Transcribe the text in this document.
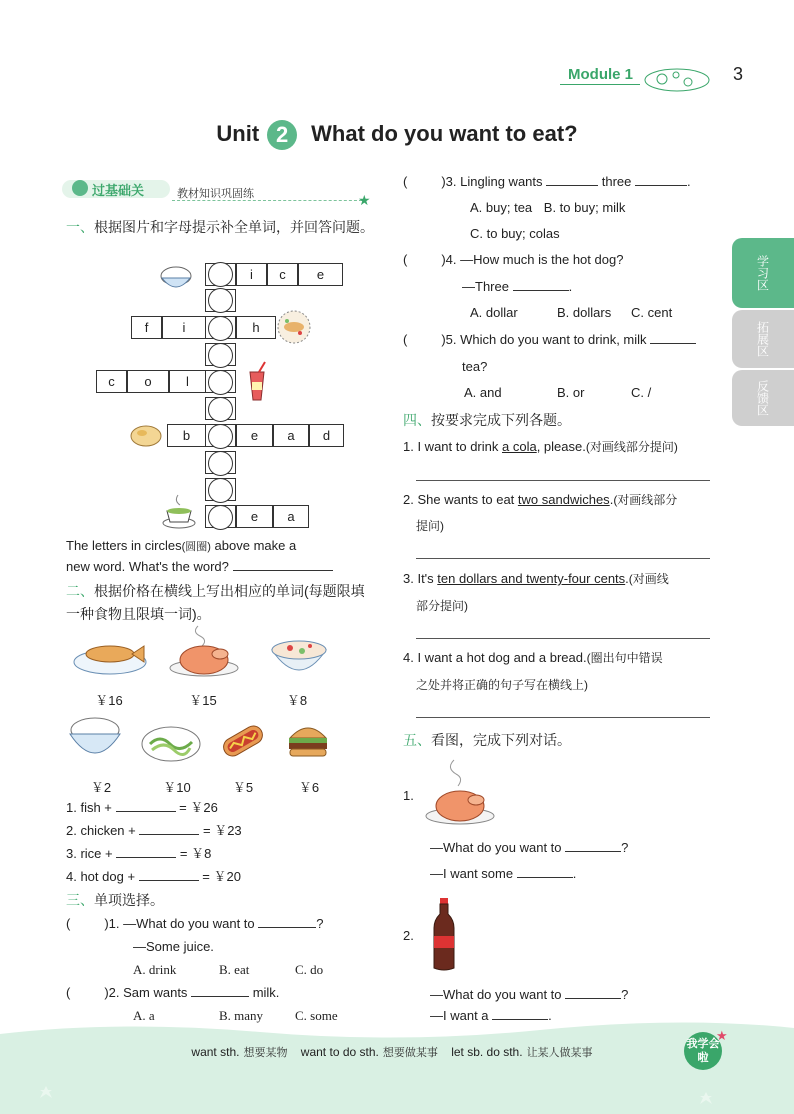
Module 1	3
Unit 2 What do you want to eat?
学习区
拓展区
反馈区
过基础关	教材知识巩固练	★
一、根据图片和字母提示补全单词，并回答问题。
i	c	e
f	i	h
c	o	l
b	e	a	d
e	a
The letters in circles(圆圈) above make a
new word. What's the word?
二、根据价格在横线上写出相应的单词(每题限填一种食物且限填一词)。
￥16	￥15	￥8
￥2	￥10	￥5	￥6
1. fish +	= ￥26
2. chicken +	= ￥23
3. rice +	= ￥8
4. hot dog +	= ￥20
三、单项选择。
(	)1. —What do you want to	?
—Some juice.
A. drink	B. eat	C. do
(	)2. Sam wants	milk.
A. a	B. many	C. some
(	)3. Lingling wants	three	.
A. buy; tea B. to buy; milk
C. to buy; colas
(	)4. —How much is the hot dog?
—Three	.
A. dollar	B. dollars	C. cent
(	)5. Which do you want to drink, milk
tea?
A. and	B. or	C. /
四、按要求完成下列各题。
1. I want to drink a cola, please.(对画线部分提问)
2. She wants to eat two sandwiches.(对画线部分
提问)
3. It's ten dollars and twenty-four cents.(对画线
部分提问)
4. I want a hot dog and a bread.(圈出句中错误
之处并将正确的句子写在横线上)
五、看图，完成下列对话。
1.
—What do you want to	?
—I want some	.
2.
—What do you want to	?
—I want a	.
want sth. 想要某物 want to do sth. 想要做某事 let sb. do sth. 让某人做某事
我学会啦
★
